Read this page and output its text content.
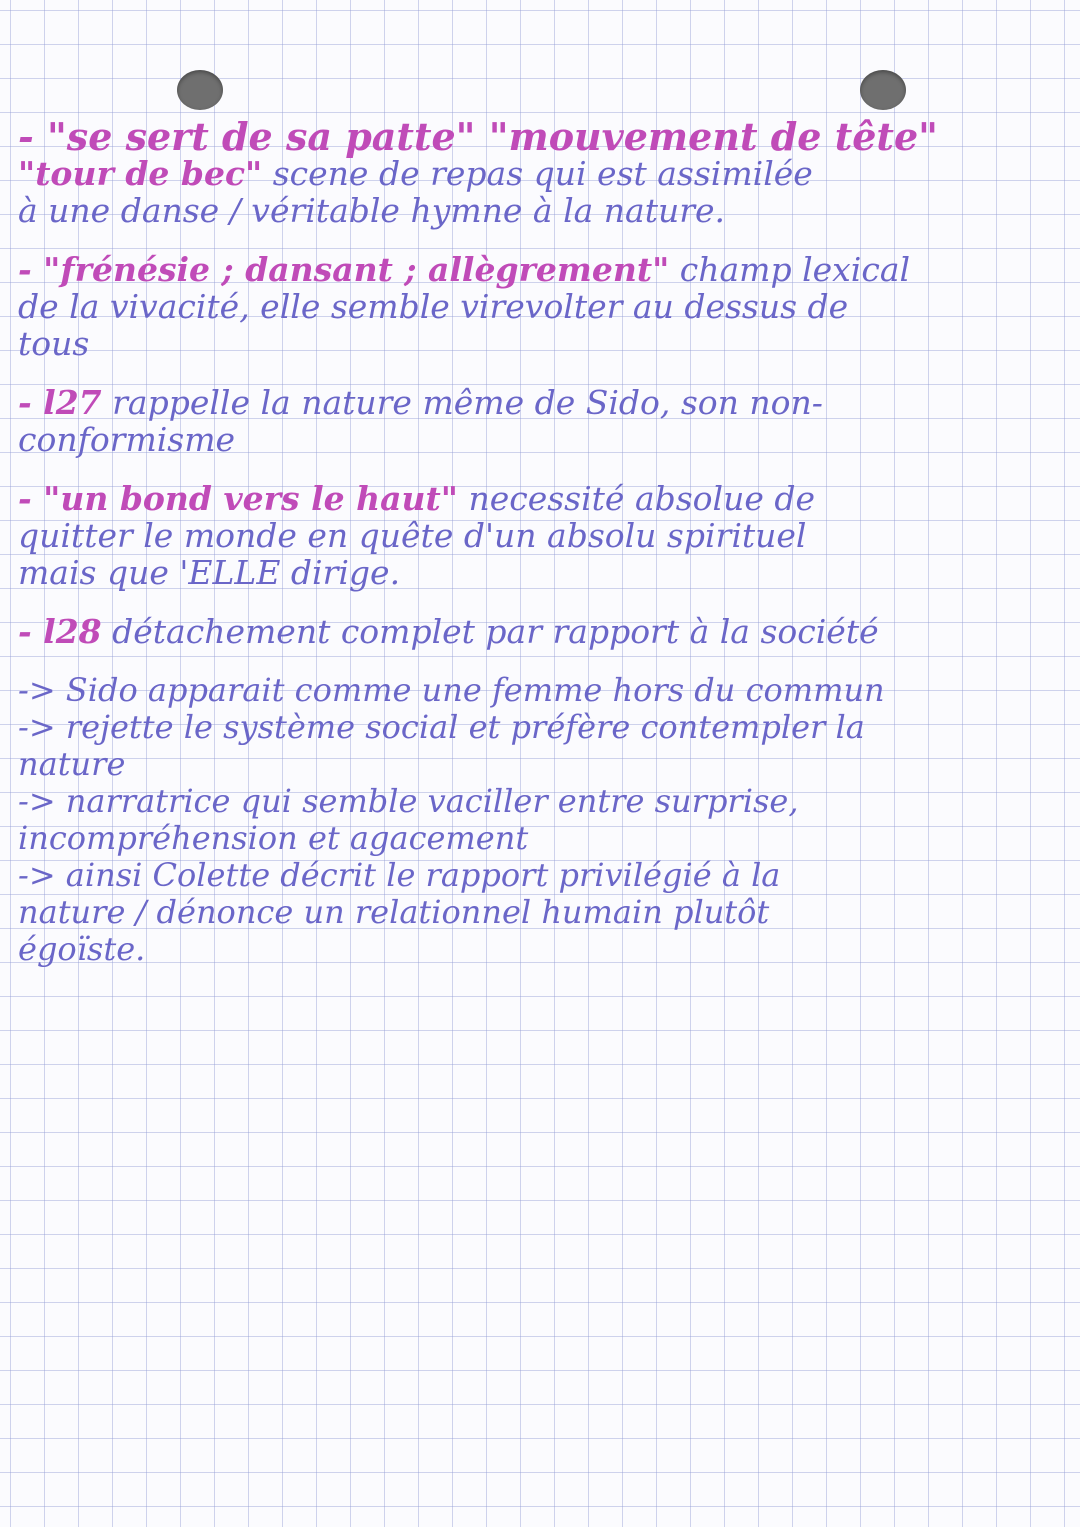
- "se sert de sa patte" "mouvement de tête"
"tour de bec" scene de repas qui est assimilée
à une danse / véritable hymne à la nature.
- "frénésie ; dansant ; allègrement" champ lexical
de la vivacité, elle semble virevolter au dessus de
tous
- l27 rappelle la nature même de Sido, son non-
conformisme
- "un bond vers le haut" necessité absolue de
quitter le monde en quête d'un absolu spirituel
mais que 'ELLE dirige.
- l28 détachement complet par rapport à la société
-> Sido apparait comme une femme hors du commun
-> rejette le système social et préfère contempler la
nature
-> narratrice qui semble vaciller entre surprise,
incompréhension et agacement
-> ainsi Colette décrit le rapport privilégié à la
nature / dénonce un relationnel humain plutôt
égoïste.
